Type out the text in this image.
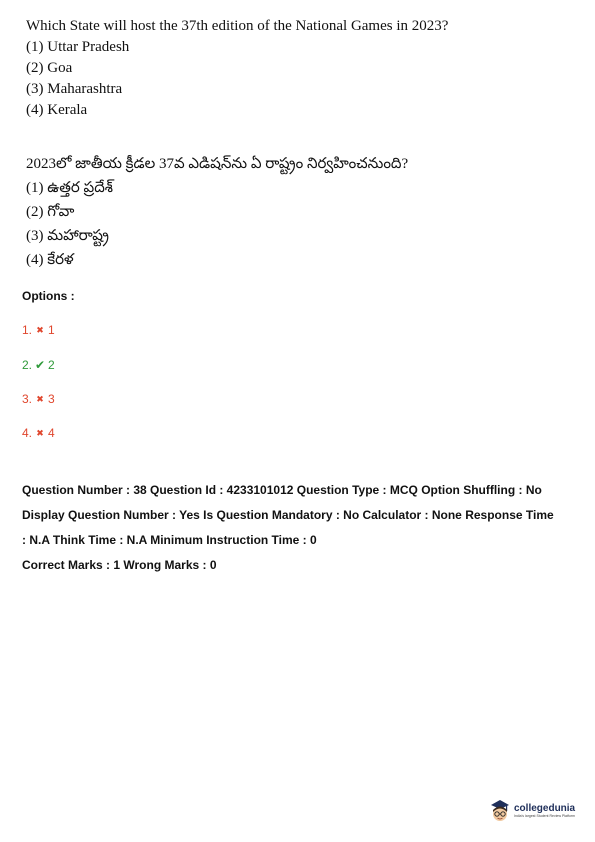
Which State will host the 37th edition of the National Games in 2023?
(1) Uttar Pradesh
(2) Goa
(3) Maharashtra
(4) Kerala
2023లో జాతీయ క్రీడల 37వ ఎడిషన్‌ను ఏ రాష్ట్రం నిర్వహించనుంది?
(1) ఉత్తర ప్రదేశ్
(2) గోవా
(3) మహారాష్ట్ర
(4) కేరళ
Options :
1. ✖ 1
2. ✔ 2
3. ✖ 3
4. ✖ 4
Question Number : 38 Question Id : 4233101012 Question Type : MCQ Option Shuffling : No
Display Question Number : Yes Is Question Mandatory : No Calculator : None Response Time
: N.A Think Time : N.A Minimum Instruction Time : 0
Correct Marks : 1 Wrong Marks : 0
collegedunia
India's largest Student Review Platform
